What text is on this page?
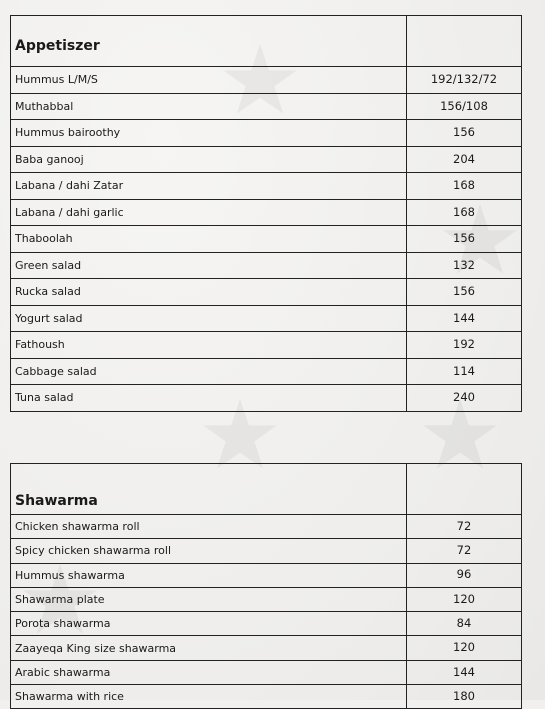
Appetiszer	
Hummus L/M/S	192/132/72
Muthabbal	156/108
Hummus bairoothy	156
Baba ganooj	204
Labana / dahi Zatar	168
Labana / dahi garlic	168
Thaboolah	156
Green salad	132
Rucka salad	156
Yogurt salad	144
Fathoush	192
Cabbage salad	114
Tuna salad	240
Shawarma	
Chicken shawarma roll	72
Spicy chicken shawarma roll	72
Hummus shawarma	96
Shawarma plate	120
Porota shawarma	84
Zaayeqa King size shawarma	120
Arabic shawarma	144
Shawarma with rice	180
